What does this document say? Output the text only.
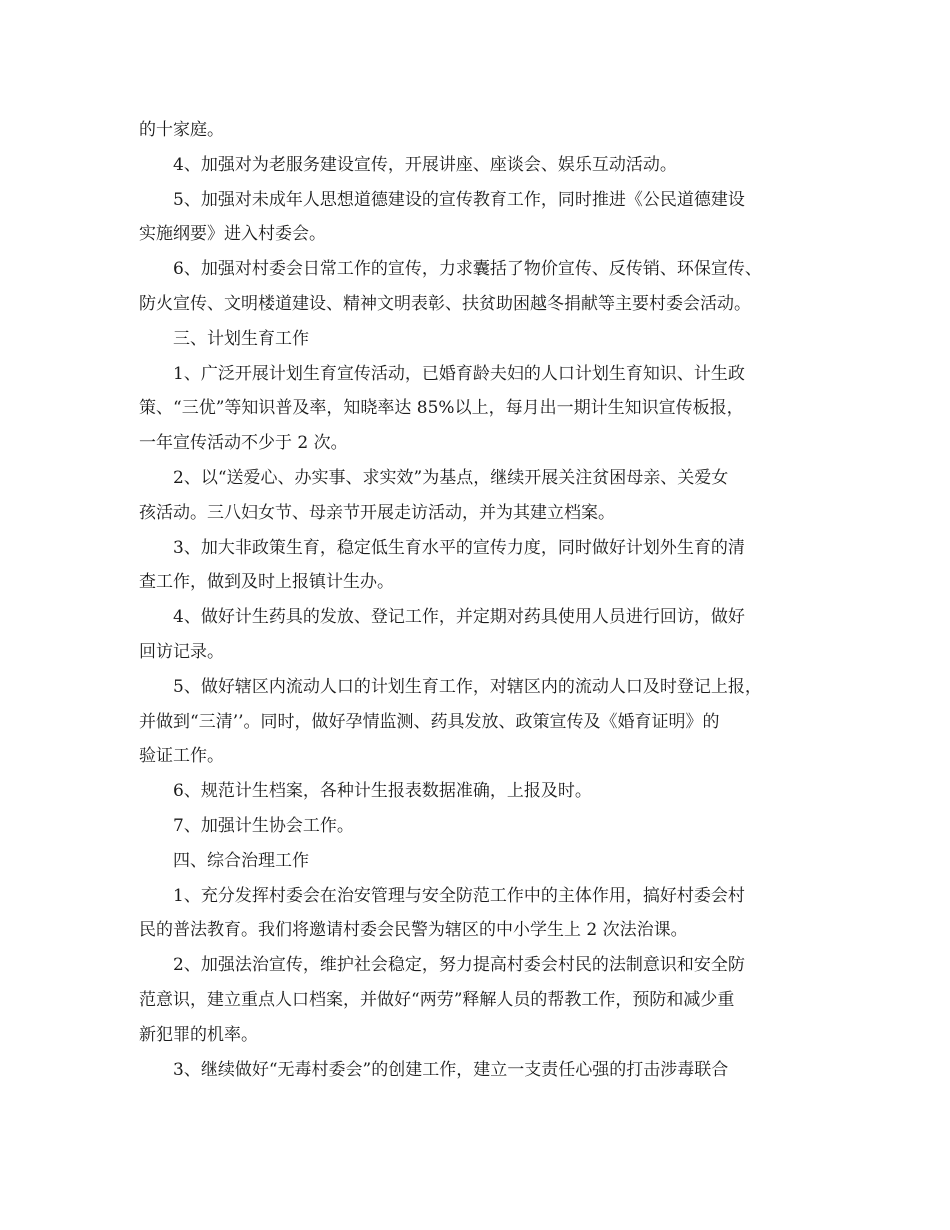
的十家庭。
4、加强对为老服务建设宣传，开展讲座、座谈会、娱乐互动活动。
5、加强对未成年人思想道德建设的宣传教育工作，同时推进《公民道德建设
实施纲要》进入村委会。
6、加强对村委会日常工作的宣传，力求囊括了物价宣传、反传销、环保宣传、
防火宣传、文明楼道建设、精神文明表彰、扶贫助困越冬捐献等主要村委会活动。
三、计划生育工作
1、广泛开展计划生育宣传活动，已婚育龄夫妇的人口计划生育知识、计生政
策、“三优”等知识普及率，知晓率达 85%以上，每月出一期计生知识宣传板报，
一年宣传活动不少于 2 次。
2、以“送爱心、办实事、求实效”为基点，继续开展关注贫困母亲、关爱女
孩活动。三八妇女节、母亲节开展走访活动，并为其建立档案。
3、加大非政策生育，稳定低生育水平的宣传力度，同时做好计划外生育的清
查工作，做到及时上报镇计生办。
4、做好计生药具的发放、登记工作，并定期对药具使用人员进行回访，做好
回访记录。
5、做好辖区内流动人口的计划生育工作，对辖区内的流动人口及时登记上报，
并做到“三清’’。同时，做好孕情监测、药具发放、政策宣传及《婚育证明》的
验证工作。
6、规范计生档案，各种计生报表数据准确，上报及时。
7、加强计生协会工作。
四、综合治理工作
1、充分发挥村委会在治安管理与安全防范工作中的主体作用，搞好村委会村
民的普法教育。我们将邀请村委会民警为辖区的中小学生上 2 次法治课。
2、加强法治宣传，维护社会稳定，努力提高村委会村民的法制意识和安全防
范意识，建立重点人口档案，并做好“两劳”释解人员的帮教工作，预防和减少重
新犯罪的机率。
3、继续做好“无毒村委会”的创建工作，建立一支责任心强的打击涉毒联合
